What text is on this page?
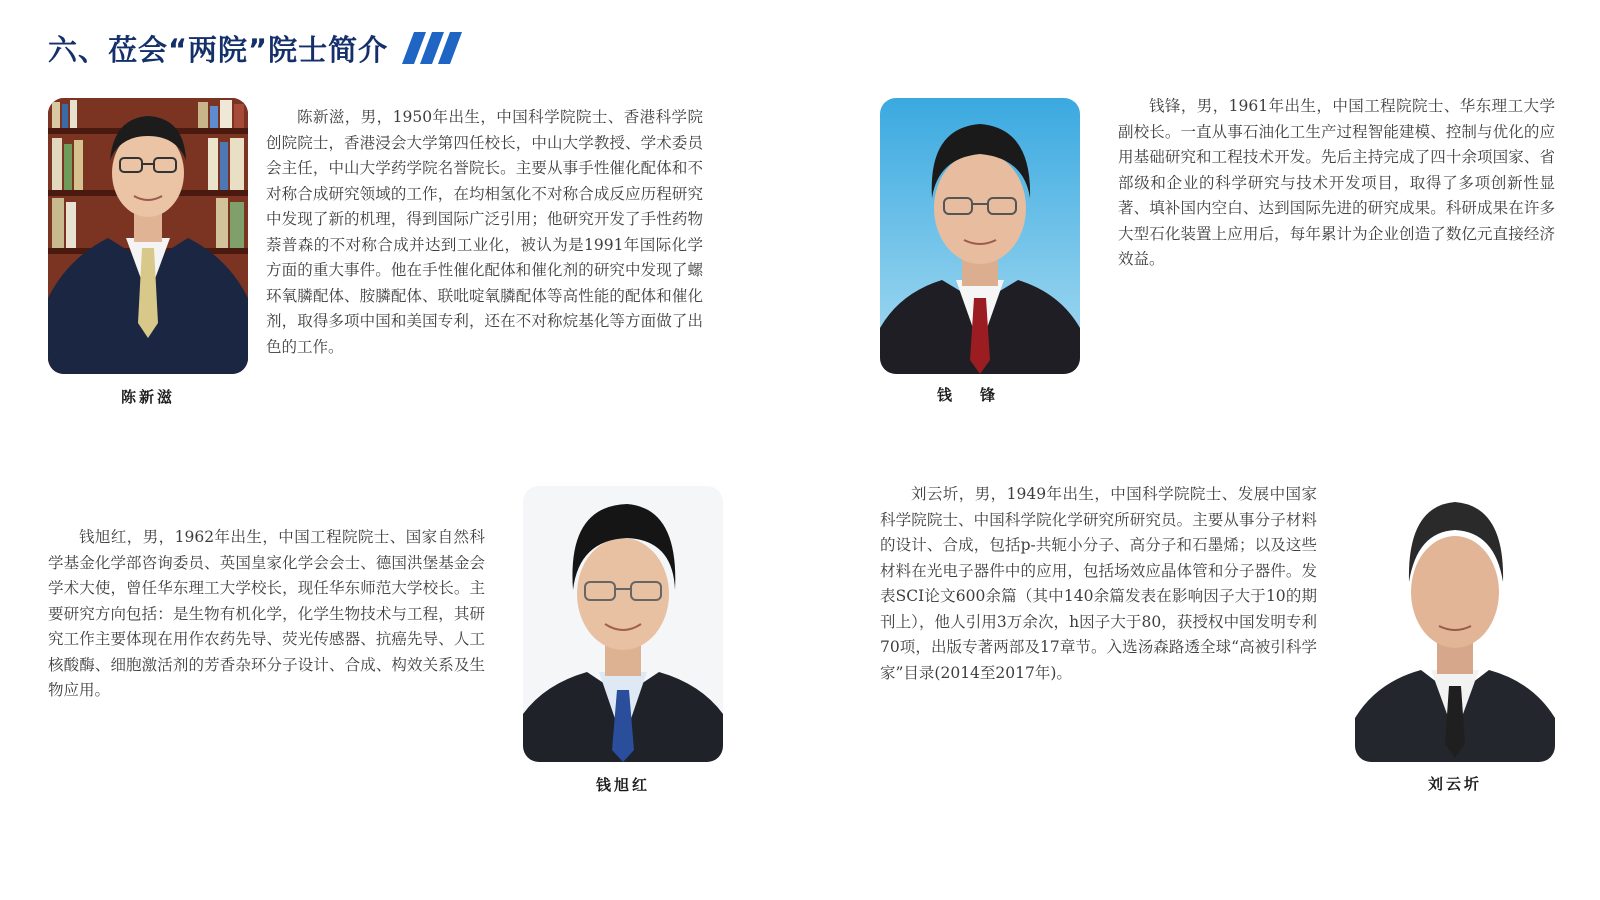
六、莅会“两院”院士简介
陈新滋

陈新滋，男，1950年出生，中国科学院院士、香港科学院创院院士，香港浸会大学第四任校长，中山大学教授、学术委员会主任，中山大学药学院名誉院长。主要从事手性催化配体和不对称合成研究领域的工作，在均相氢化不对称合成反应历程研究中发现了新的机理，得到国际广泛引用；他研究开发了手性药物萘普森的不对称合成并达到工业化，被认为是1991年国际化学方面的重大事件。他在手性催化配体和催化剂的研究中发现了螺环氧膦配体、胺膦配体、联吡啶氧膦配体等高性能的配体和催化剂，取得多项中国和美国专利，还在不对称烷基化等方面做了出色的工作。

钱锋

钱锋，男，1961年出生，中国工程院院士、华东理工大学副校长。一直从事石油化工生产过程智能建模、控制与优化的应用基础研究和工程技术开发。先后主持完成了四十余项国家、省部级和企业的科学研究与技术开发项目，取得了多项创新性显著、填补国内空白、达到国际先进的研究成果。科研成果在许多大型石化装置上应用后，每年累计为企业创造了数亿元直接经济效益。

钱旭红

钱旭红，男，1962年出生，中国工程院院士、国家自然科学基金化学部咨询委员、英国皇家化学会会士、德国洪堡基金会学术大使，曾任华东理工大学校长，现任华东师范大学校长。主要研究方向包括：是生物有机化学，化学生物技术与工程，其研究工作主要体现在用作农药先导、荧光传感器、抗癌先导、人工核酸酶、细胞激活剂的芳香杂环分子设计、合成、构效关系及生物应用。

刘云圻

刘云圻，男，1949年出生，中国科学院院士、发展中国家科学院院士、中国科学院化学研究所研究员。主要从事分子材料的设计、合成，包括p-共轭小分子、高分子和石墨烯；以及这些材料在光电子器件中的应用，包括场效应晶体管和分子器件。发表SCI论文600余篇（其中140余篇发表在影响因子大于10的期刊上），他人引用3万余次，h因子大于80，获授权中国发明专利70项，出版专著两部及17章节。入选汤森路透全球“高被引科学家”目录(2014至2017年)。
